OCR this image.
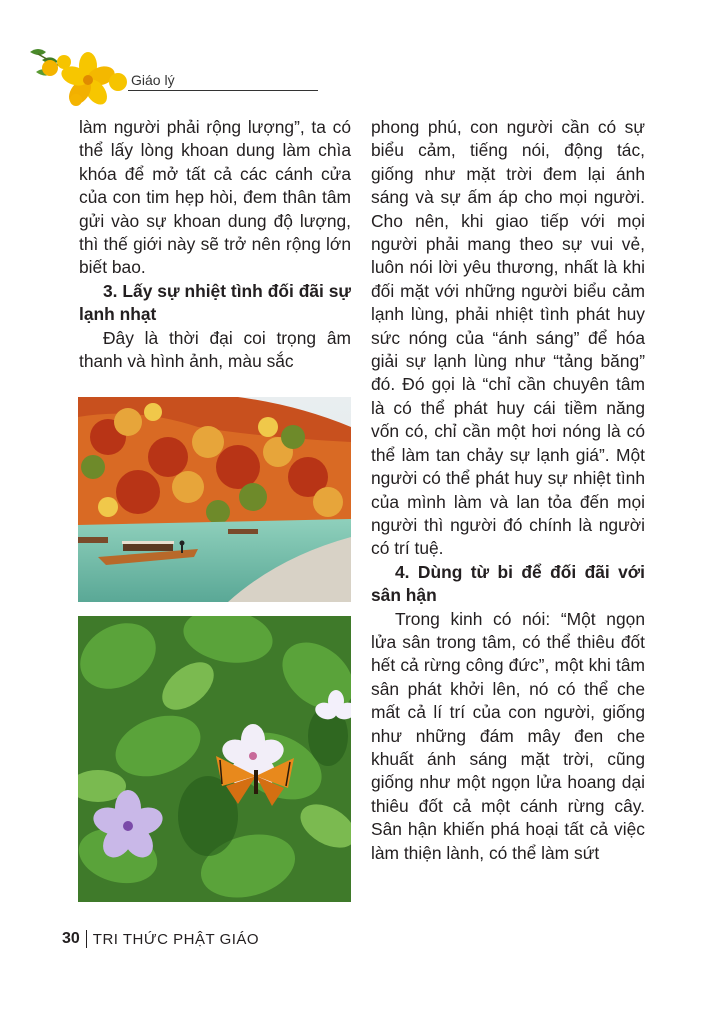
Giáo lý

làm người phải rộng lượng”, ta có thể lấy lòng khoan dung làm chìa khóa để mở tất cả các cánh cửa của con tim hẹp hòi, đem thân tâm gửi vào sự khoan dung độ lượng, thì thế giới này sẽ trở nên rộng lớn biết bao.

3. Lấy sự nhiệt tình đối đãi sự lạnh nhạt

Đây là thời đại coi trọng âm thanh và hình ảnh, màu sắc

phong phú, con người cần có sự biểu cảm, tiếng nói, động tác, giống như mặt trời đem lại ánh sáng và sự ấm áp cho mọi người. Cho nên, khi giao tiếp với mọi người phải mang theo sự vui vẻ, luôn nói lời yêu thương, nhất là khi đối mặt với những người biểu cảm lạnh lùng, phải nhiệt tình phát huy sức nóng của “ánh sáng” để hóa giải sự lạnh lùng như “tảng băng” đó. Đó gọi là “chỉ cần chuyên tâm là có thể phát huy cái tiềm năng vốn có, chỉ cần một hơi nóng là có thể làm tan chảy sự lạnh giá”. Một người có thể phát huy sự nhiệt tình của mình làm và lan tỏa đến mọi người thì người đó chính là người có trí tuệ.

4. Dùng từ bi để đối đãi với sân hận

Trong kinh có nói: “Một ngọn lửa sân trong tâm, có thể thiêu đốt hết cả rừng công đức”, một khi tâm sân phát khởi lên, nó có thể che mất cả lí trí của con người, giống như những đám mây đen che khuất ánh sáng mặt trời, cũng giống như một ngọn lửa hoang dại thiêu đốt cả một cánh rừng cây. Sân hận khiến phá hoại tất cả việc làm thiện lành, có thể làm sứt

30 TRI THỨC PHẬT GIÁO
